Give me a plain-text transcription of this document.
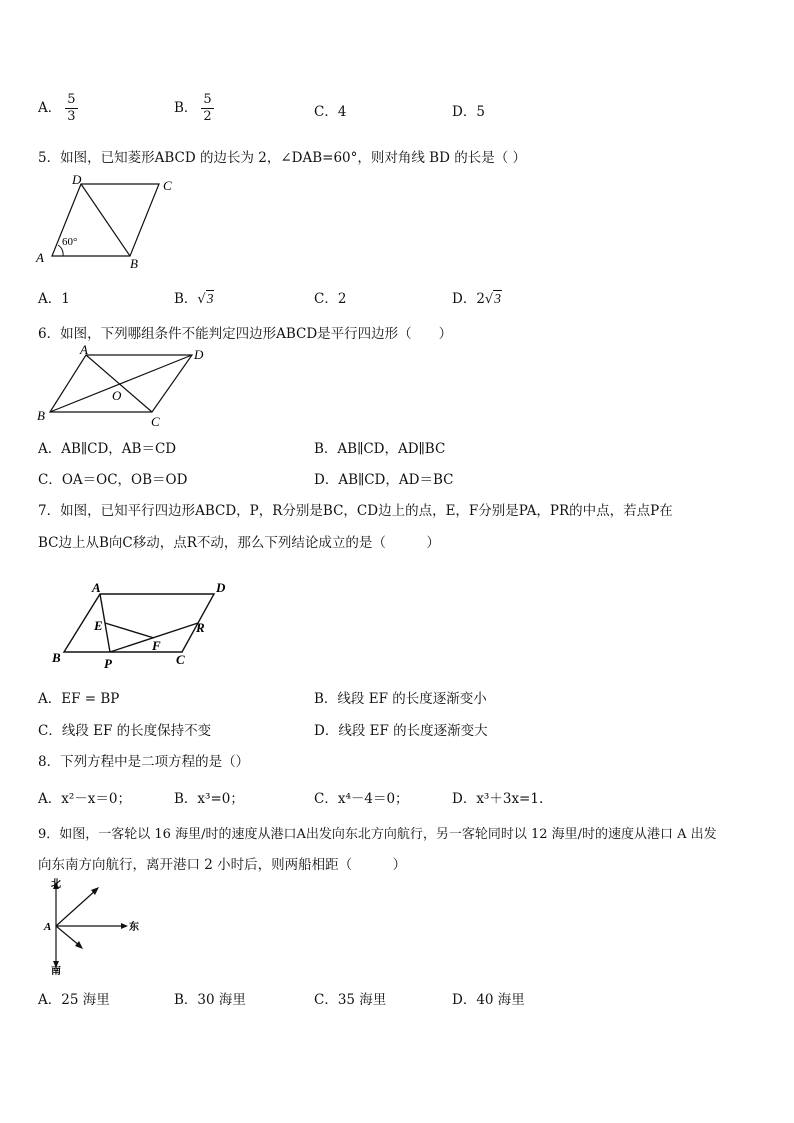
A． $\frac{5}{3}$	B． $\frac{5}{2}$	C．4	D．5
5．如图，已知菱形ABCD 的边长为 2，∠DAB=60°，则对角线 BD 的长是（ ）
A	B
C
D
60°
A．1	B．√3	C．2	D．2√3
6．如图，下列哪组条件不能判定四边形ABCD是平行四边形（　　）
A
B	C
D
O
A．AB∥CD，AB＝CD	B．AB∥CD，AD∥BC
C．OA＝OC，OB＝OD	D．AB∥CD，AD＝BC
7．如图，已知平行四边形ABCD，P，R分别是BC，CD边上的点，E，F分别是PA，PR的中点，若点P在
BC边上从B向C移动，点R不动，那么下列结论成立的是（　　　）
A
B	C
D
E
F
P
R
A．EF = BP	B．线段 EF 的长度逐渐变小
C．线段 EF 的长度保持不变	D．线段 EF 的长度逐渐变大
8．下列方程中是二项方程的是（）
A．x²－x＝0；	B．x³=0；	C．x⁴－4＝0；	D．x³＋3x=1.
9．如图，一客轮以 16 海里/时的速度从港口A出发向东北方向航行，另一客轮同时以 12 海里/时的速度从港口 A 出发
向东南方向航行，离开港口 2 小时后，则两船相距（　　　）
北
南
东
A
A．25 海里	B．30 海里	C．35 海里	D．40 海里
